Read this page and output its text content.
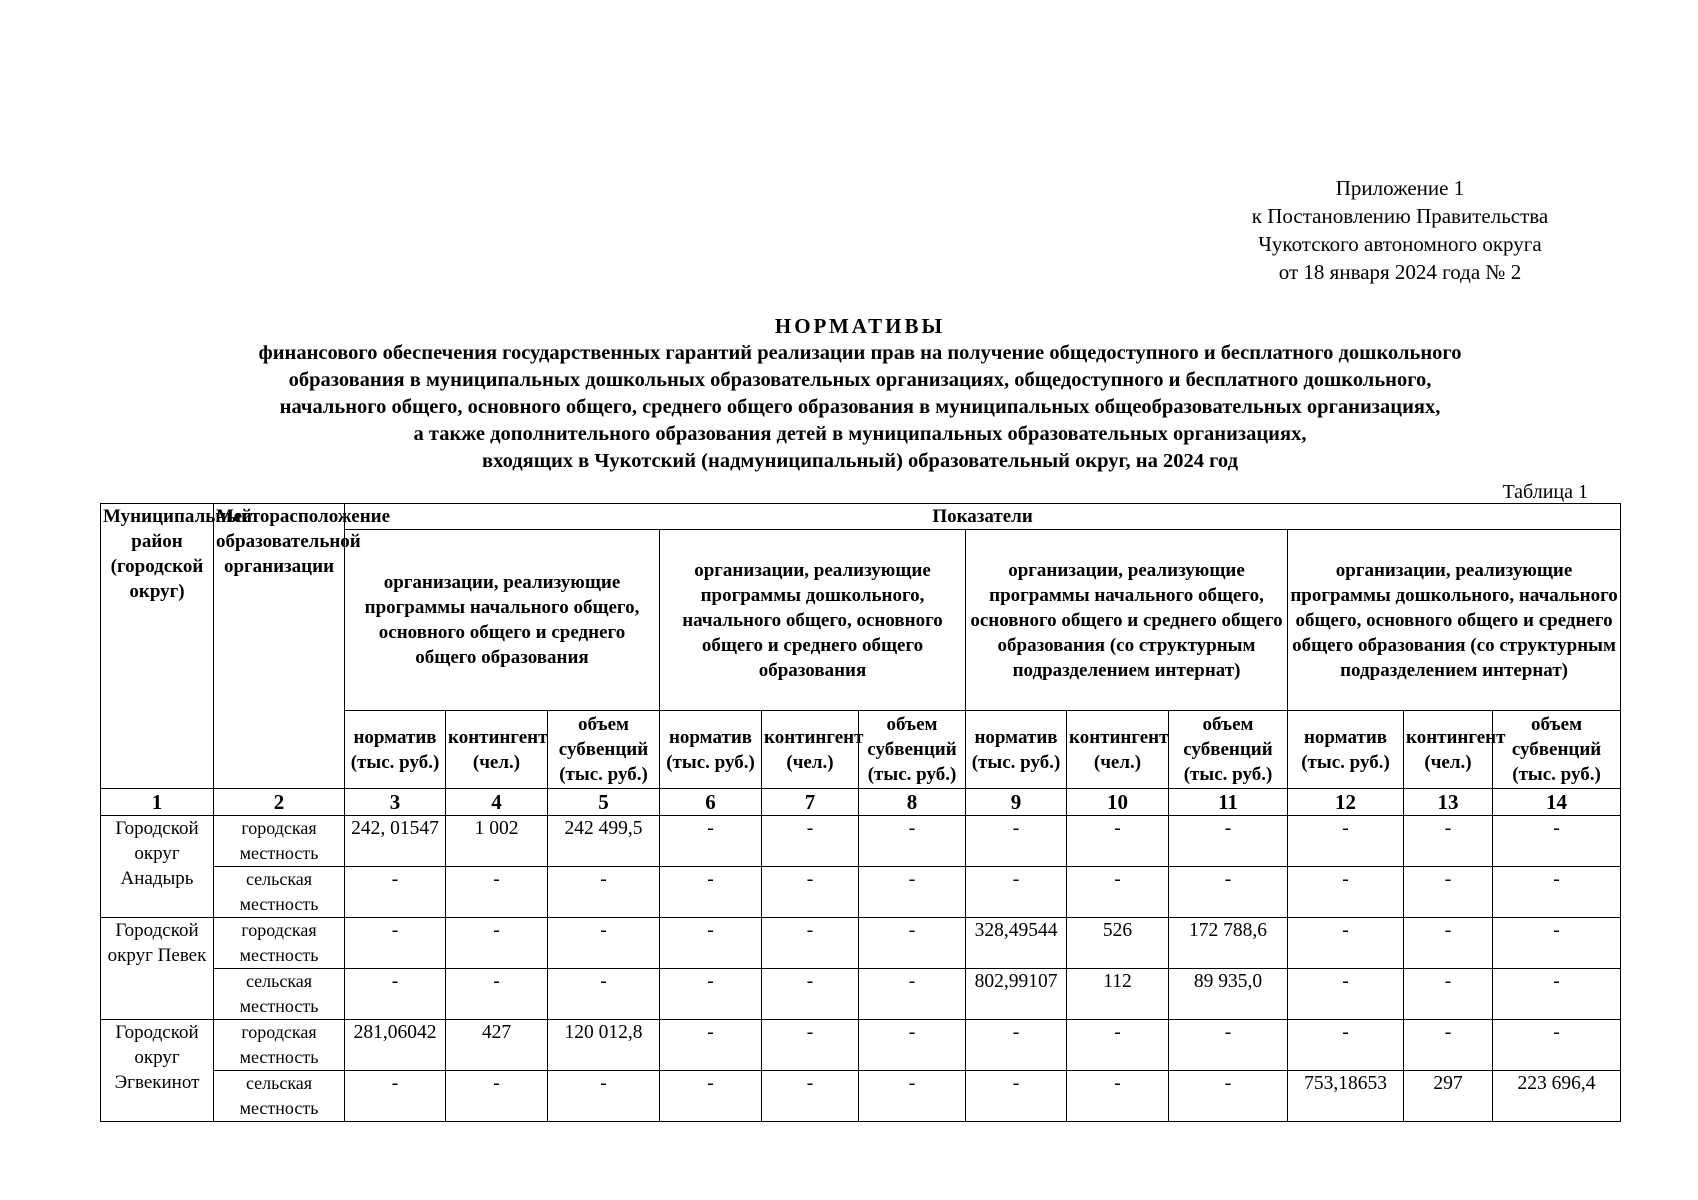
Приложение 1
к Постановлению Правительства
Чукотского автономного округа
от 18 января 2024 года № 2
НОРМАТИВЫ
финансового обеспечения государственных гарантий реализации прав на получение общедоступного и бесплатного дошкольного
образования в муниципальных дошкольных образовательных организациях, общедоступного и бесплатного дошкольного,
начального общего, основного общего, среднего общего образования в муниципальных общеобразовательных организациях,
а также дополнительного образования детей в муниципальных образовательных организациях,
входящих в Чукотский (надмуниципальный) образовательный округ, на 2024 год
Таблица 1
Муниципальный район (городской округ)	Месторасположение образовательной организации	Показатели											
		организации, реализующие программы начального общего, основного общего и среднего общего образования			организации, реализующие программы дошкольного, начального общего, основного общего и среднего общего образования			организации, реализующие программы начального общего, основного общего и среднего общего образования (со структурным подразделением интернат)			организации, реализующие программы дошкольного, начального общего, основного общего и среднего общего образования (со структурным подразделением интернат)		
		норматив (тыс. руб.)	контингент (чел.)	объем субвенций (тыс. руб.)	норматив (тыс. руб.)	контингент (чел.)	объем субвенций (тыс. руб.)	норматив (тыс. руб.)	контингент (чел.)	объем субвенций (тыс. руб.)	норматив (тыс. руб.)	контингент (чел.)	объем субвенций (тыс. руб.)
1	2	3	4	5	6	7	8	9	10	11	12	13	14
Городской округ Анадырь	городская местность	242, 01547	1 002	242 499,5	-	-	-	-	-	-	-	-	-
	сельская местность	-	-	-	-	-	-	-	-	-	-	-	-
Городской округ Певек	городская местность	-	-	-	-	-	-	328,49544	526	172 788,6	-	-	-
	сельская местность	-	-	-	-	-	-	802,99107	112	89 935,0	-	-	-
Городской округ Эгвекинот	городская местность	281,06042	427	120 012,8	-	-	-	-	-	-	-	-	-
	сельская местность	-	-	-	-	-	-	-	-	-	753,18653	297	223 696,4
